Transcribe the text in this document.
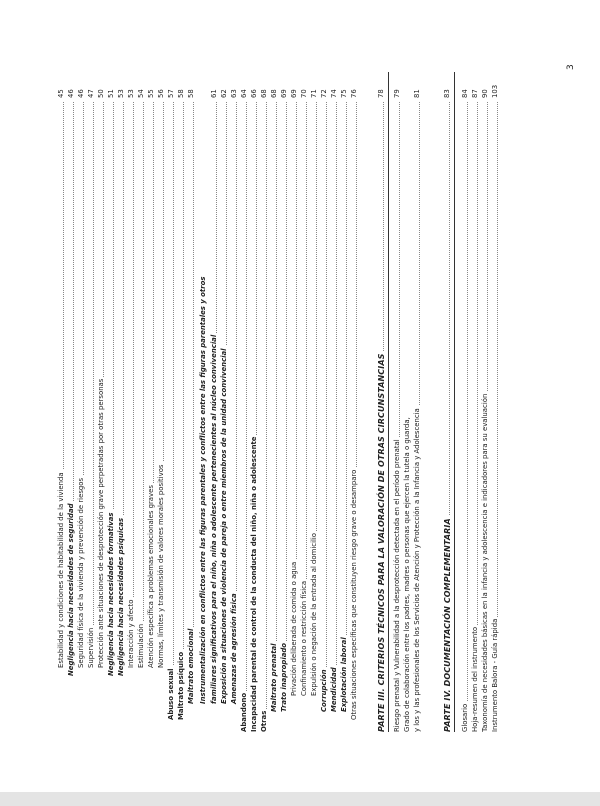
3
Estabilidad y condiciones de habitabilidad de la vivienda
45
Negligencia hacia necesidades de seguridad
46
Seguridad física de la vivienda y prevención de riesgos
46
Supervisión
47
Protección ante situaciones de desprotección grave perpetradas por otras personas
50
Negligencia hacia necesidades formativas
51
Negligencia hacia necesidades psíquicas
53
Interacción y afecto
53
Estimulación
54
Atención específica a problemas emocionales graves
55
Normas, límites y transmisión de valores morales positivos
56
Abuso sexual
57
Maltrato psíquico
58
Maltrato emocional
58
Instrumentalización en conflictos entre las figuras parentales y conflictos entre las figuras parentales y otros familiares significativos para el niño, niña o adolescente pertenecientes al núcleo convivencial
61
Exposición a situaciones de violencia de pareja o entre miembros de la unidad convivencial
62
Amenazas de agresión física
63
Abandono
64
Incapacidad parental de control de la conducta del niño, niña o adolescente
66
Otras
68
Maltrato prenatal
68
Trato inapropiado
69
Privación deliberada de comida o agua
69
Confinamiento o restricción física
70
Expulsión o negación de la entrada al domicilio
71
Corrupción
72
Mendicidad
74
Explotación laboral
75
Otras situaciones específicas que constituyen riesgo grave o desamparo
76
PARTE III. CRITERIOS TÉCNICOS PARA LA VALORACIÓN DE OTRAS CIRCUNSTANCIAS
78
Riesgo prenatal y Vulnerabilidad a la desprotección detectada en el período prenatal
79
Grado de colaboración entre los padres, madres o personas que ejercen la tutela o guarda, y los y las profesionales de los Servicios de Atención y Protección a la Infancia y Adolescencia
81
PARTE IV. DOCUMENTACIÓN COMPLEMENTARIA
83
Glosario
84
Hoja-resumen del instrumento
87
Taxonomía de necesidades básicas en la infancia y adolescencia e indicadores para su evaluación
90
Instrumento Balora - Guía rápida
103
